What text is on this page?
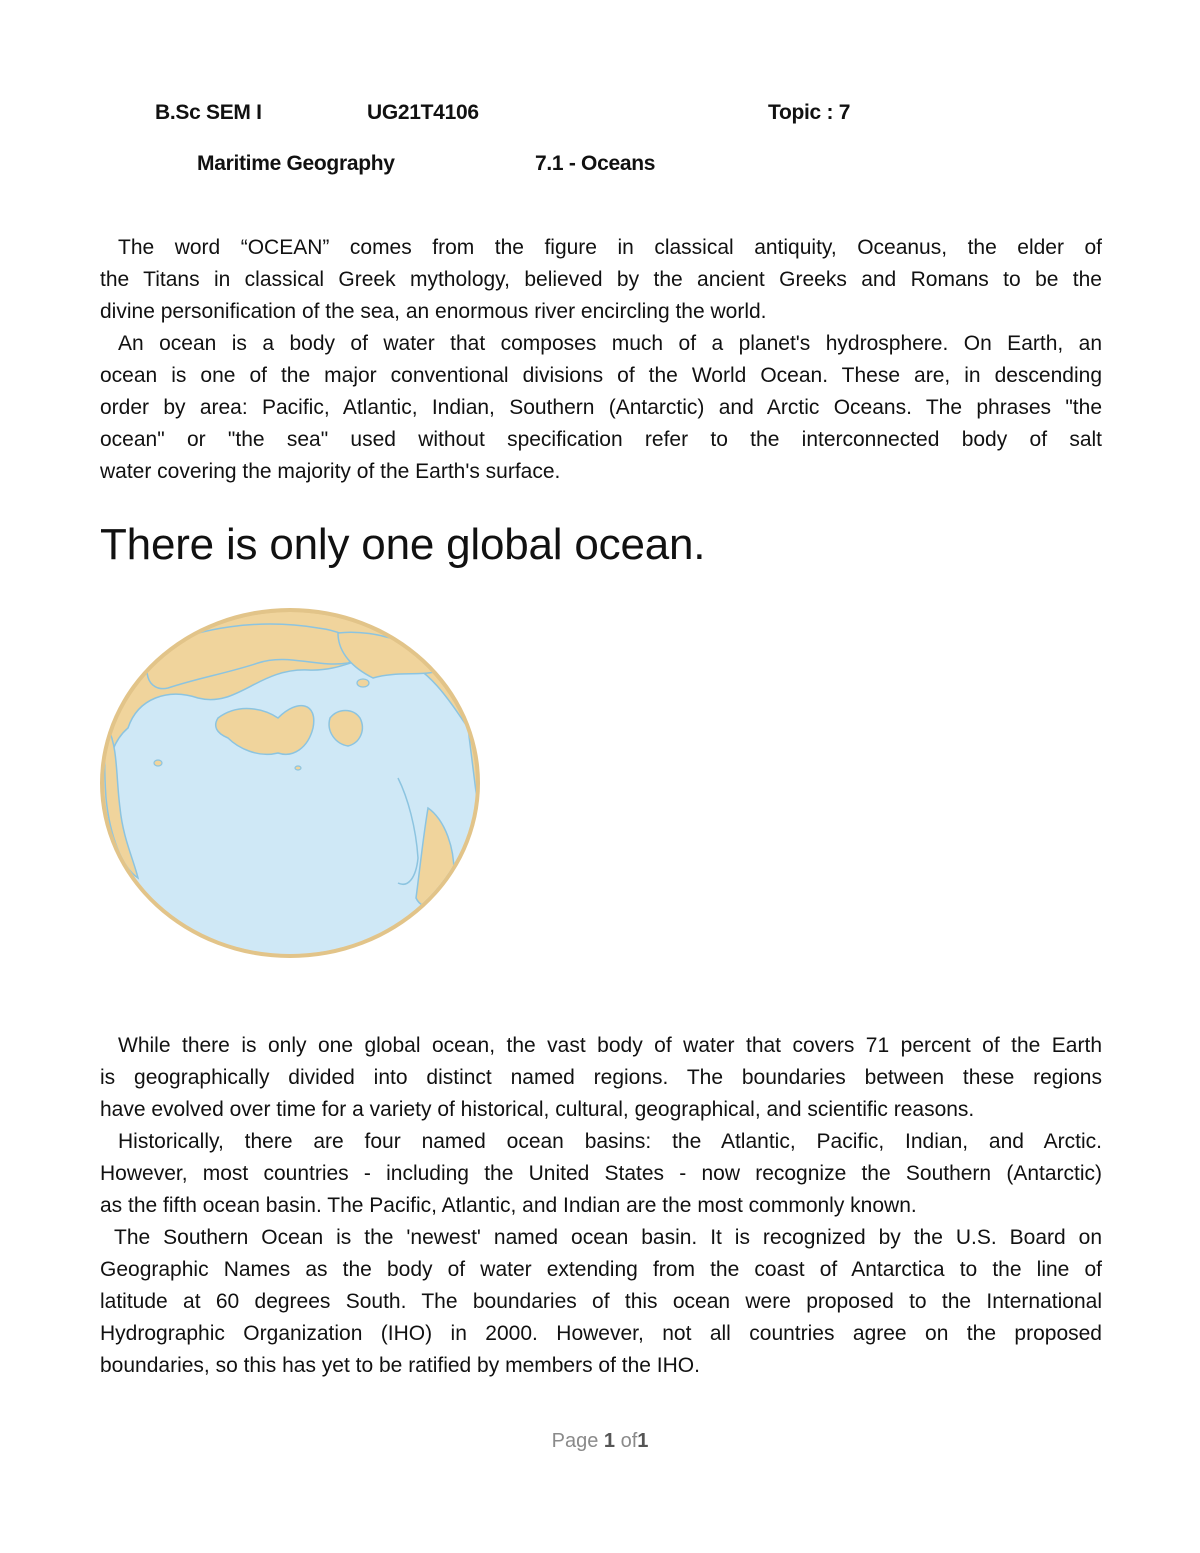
B.Sc SEM I	UG21T4106	Topic : 7
Maritime Geography	7.1 - Oceans
The word “OCEAN” comes from the figure in classical antiquity, Oceanus, the elder of
the Titans in classical Greek mythology, believed by the ancient Greeks and Romans to be the
divine personification of the sea, an enormous river encircling the world.
An ocean is a body of water that composes much of a planet's hydrosphere. On Earth, an
ocean is one of the major conventional divisions of the World Ocean. These are, in descending
order by area: Pacific, Atlantic, Indian, Southern (Antarctic) and Arctic Oceans. The phrases "the
ocean" or "the sea" used without specification refer to the interconnected body of salt
water covering the majority of the Earth's surface.
There is only one global ocean.
While there is only one global ocean, the vast body of water that covers 71 percent of the Earth
is geographically divided into distinct named regions. The boundaries between these regions
have evolved over time for a variety of historical, cultural, geographical, and scientific reasons.
Historically, there are four named ocean basins: the Atlantic, Pacific, Indian, and Arctic.
However, most countries - including the United States - now recognize the Southern (Antarctic)
as the fifth ocean basin. The Pacific, Atlantic, and Indian are the most commonly known.
The Southern Ocean is the 'newest' named ocean basin. It is recognized by the U.S. Board on
Geographic Names as the body of water extending from the coast of Antarctica to the line of
latitude at 60 degrees South. The boundaries of this ocean were proposed to the International
Hydrographic Organization (IHO) in 2000. However, not all countries agree on the proposed
boundaries, so this has yet to be ratified by members of the IHO.
Page 1 of1
